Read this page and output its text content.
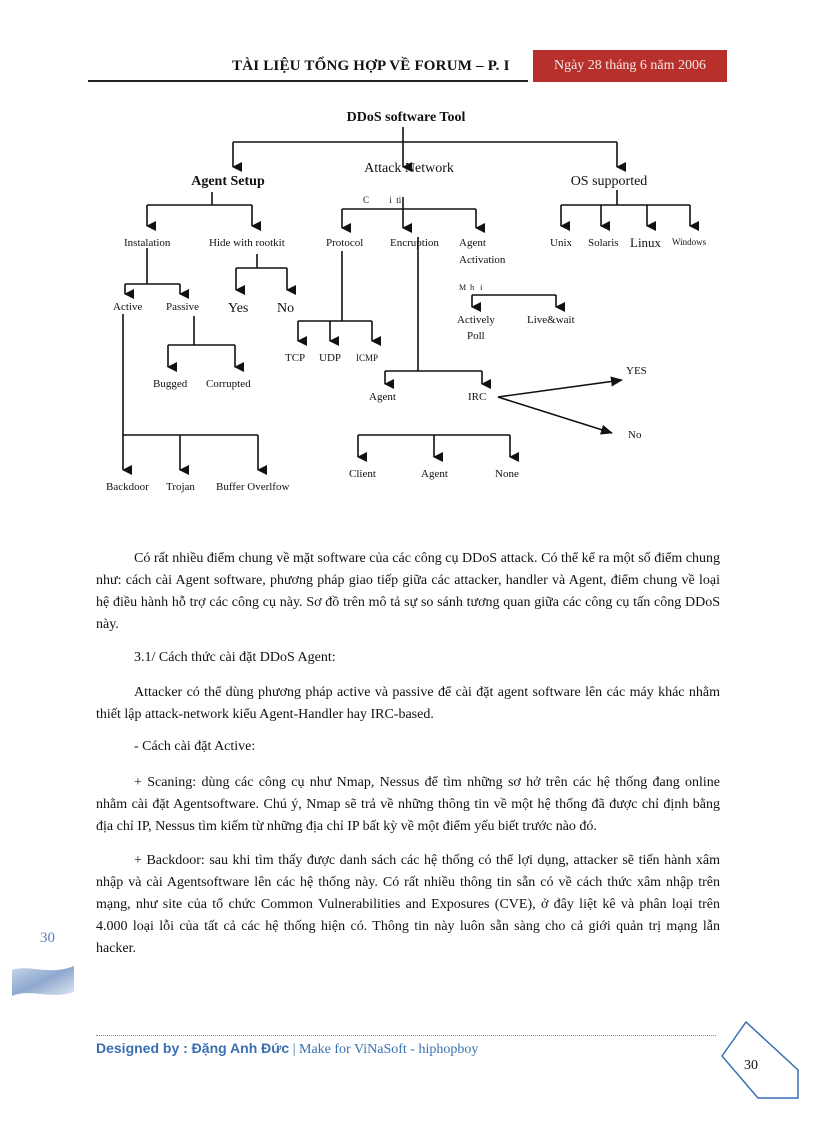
TÀI LIỆU TỔNG HỢP VỀ FORUM – P. I	Ngày 28 tháng 6 năm 2006
DDoS software Tool
Agent Setup
Attack Network
C         i  ti
OS supported
Instalation	Hide with rootkit	Protocol Encruption Agent
Activation
M  h   i
Unix Solaris Linux Windows
Active Passive Yes No
Actively
Poll
Live&wait
TCP UDP ICMP
Bugged Corrupted
Agent	IRC
YES
No
Backdoor Trojan Buffer Overlfow
Client	Agent	None
Có rất nhiều điểm chung về mặt software của các công cụ DDoS attack. Có thể kể ra một số điểm chung như: cách cài Agent software, phương pháp giao tiếp giữa các attacker, handler và Agent, điểm chung về loại hệ điều hành hỗ trợ các công cụ này. Sơ đồ trên mô tả sự so sánh tương quan giữa các công cụ tấn công DDoS này.
3.1/ Cách thức cài đặt DDoS Agent:
Attacker có thể dùng phương pháp active và passive để cài đặt agent software lên các máy khác nhằm thiết lập attack-network kiểu Agent-Handler hay IRC-based.
- Cách cài đặt Active:
+ Scaning: dùng các công cụ như Nmap, Nessus để tìm những sơ hở trên các hệ thống đang online nhằm cài đặt Agentsoftware. Chú ý, Nmap sẽ trả về những thông tin về một hệ thống đã được chỉ định bằng địa chỉ IP, Nessus tìm kiếm từ những địa chỉ IP bất kỳ về một điểm yếu biết trước nào đó.
+ Backdoor: sau khi tìm thấy được danh sách các hệ thống có thể lợi dụng, attacker sẽ tiến hành xâm nhập và cài Agentsoftware lên các hệ thống này. Có rất nhiều thông tin sẵn có về cách thức xâm nhập trên mạng, như site của tổ chức Common Vulnerabilities and Exposures (CVE), ở đây liệt kê và phân loại trên 4.000 loại lỗi của tất cả các hệ thống hiện có. Thông tin này luôn sẵn sàng cho cả giới quản trị mạng lẫn hacker.
30
Designed by : Đặng Anh Đức | Make for ViNaSoft - hiphopboy
30
